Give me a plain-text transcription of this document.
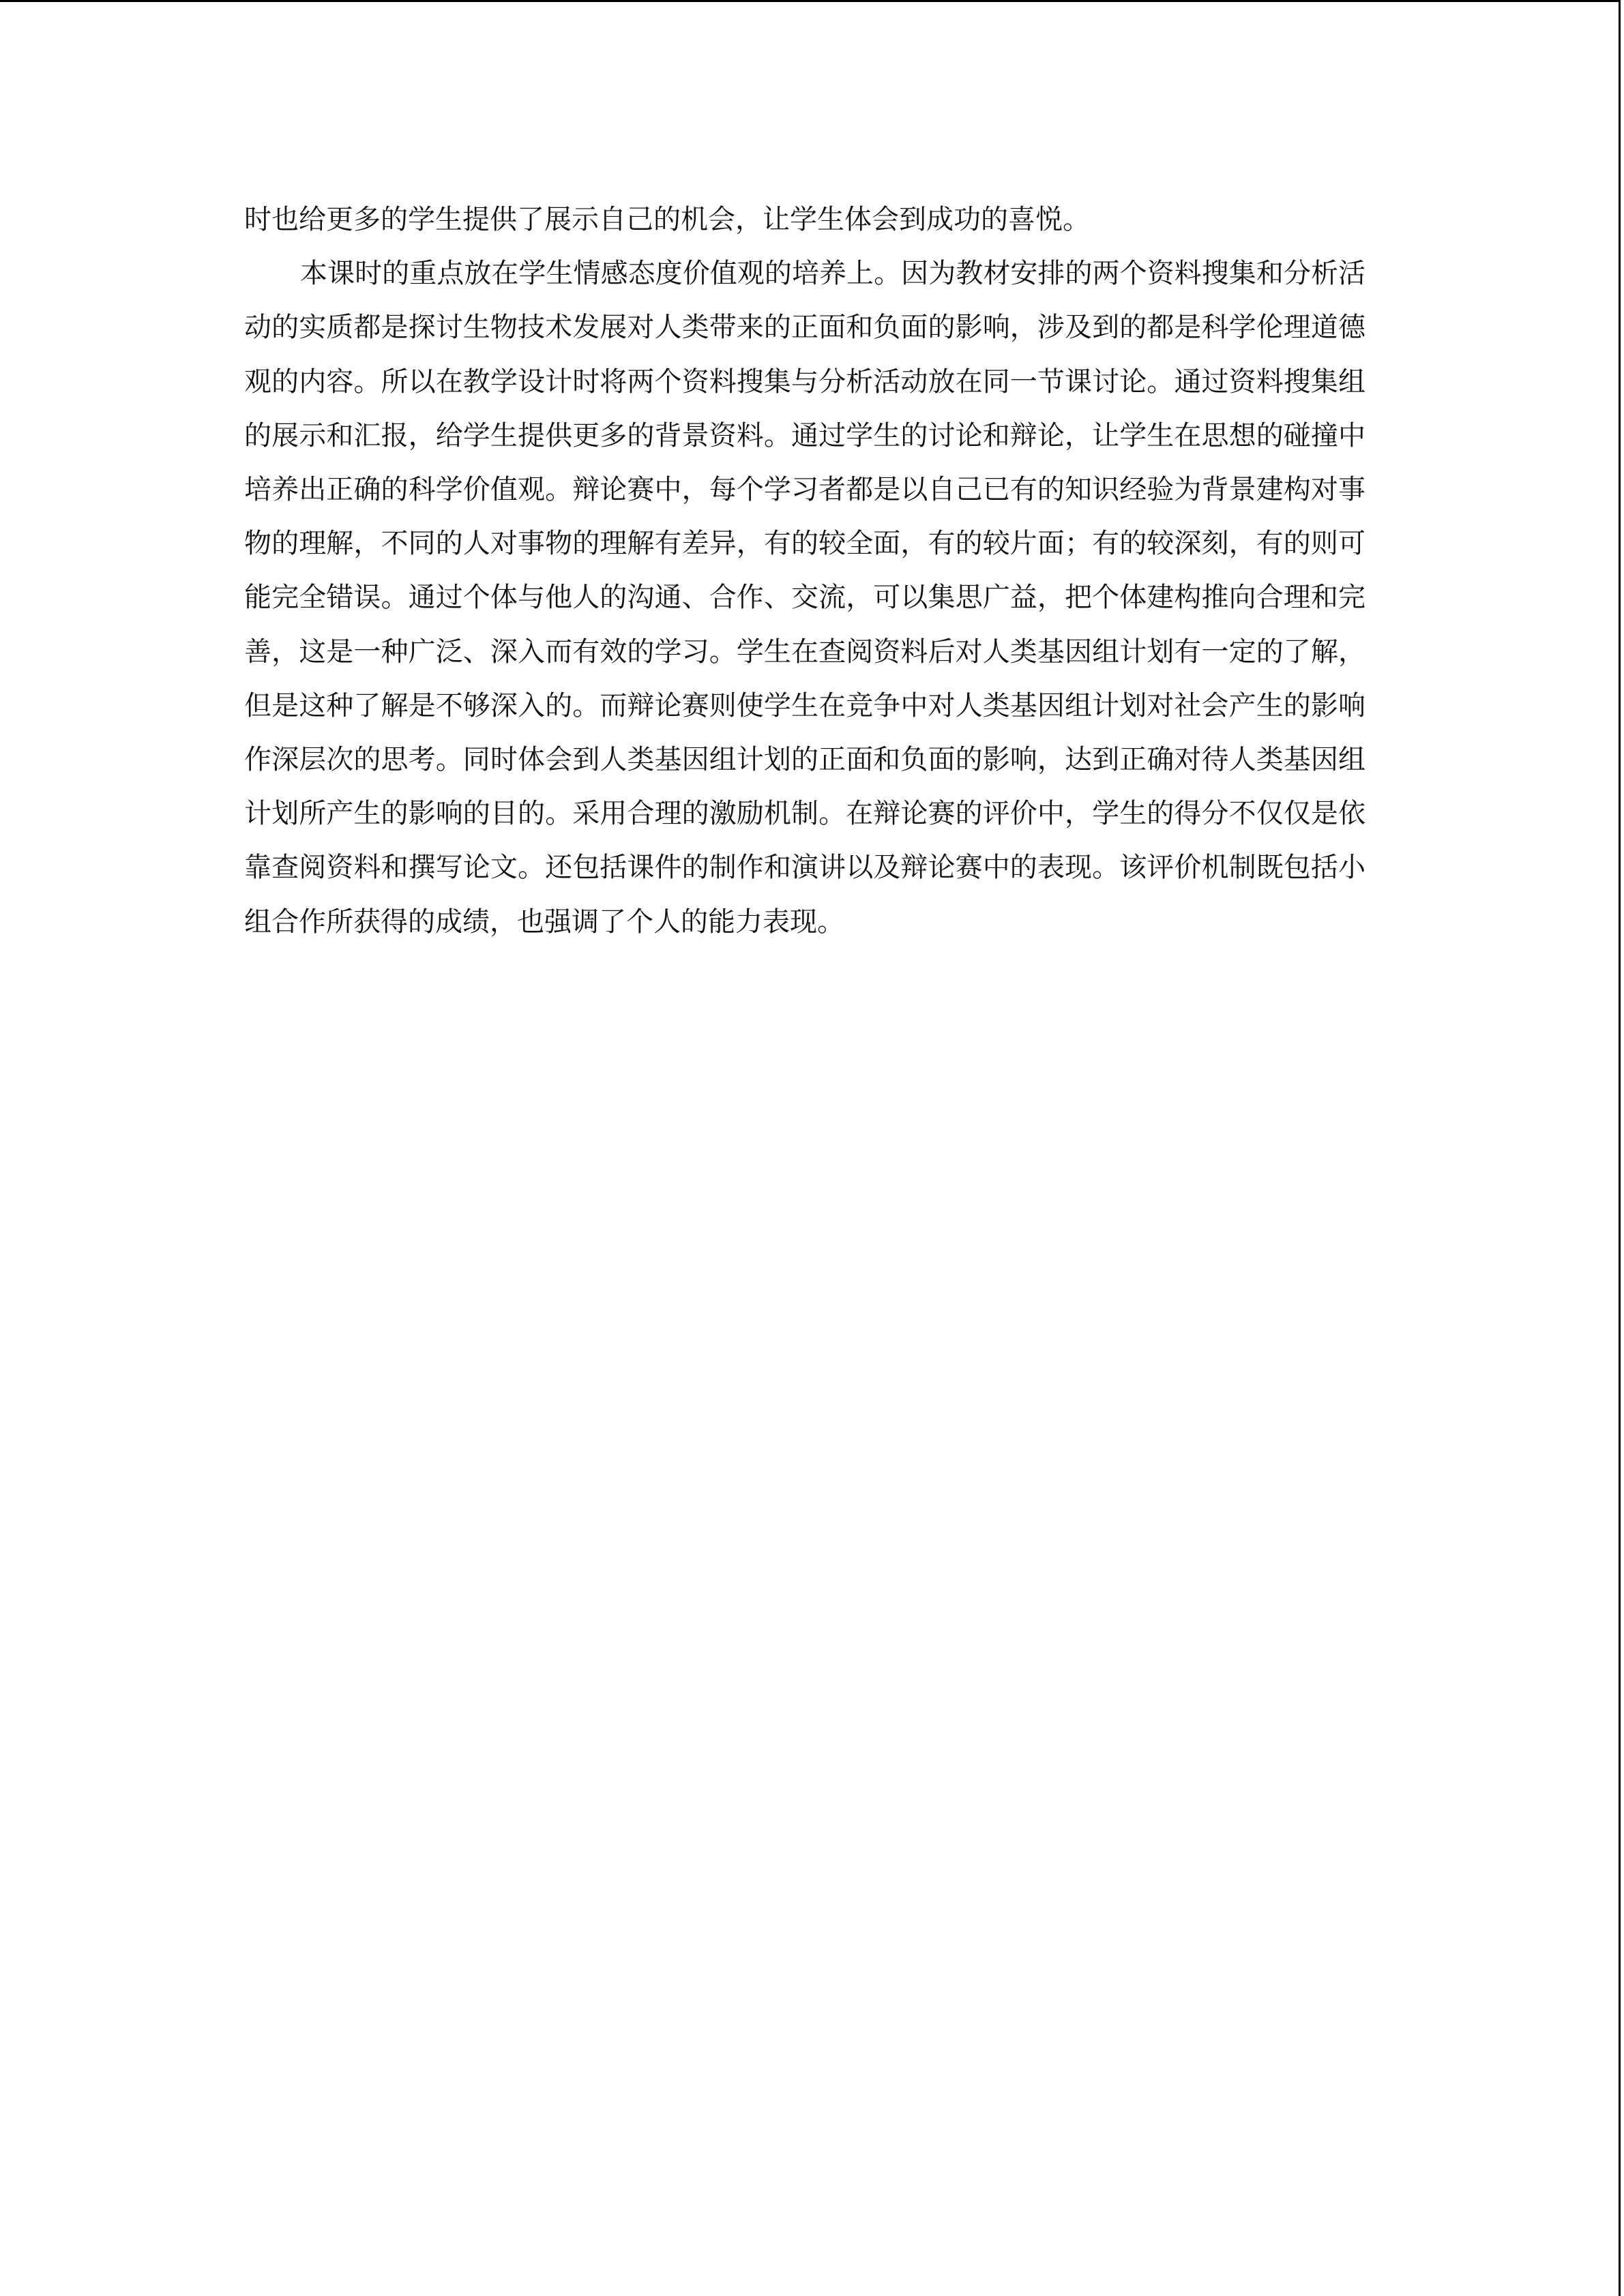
时也给更多的学生提供了展示自己的机会，让学生体会到成功的喜悦。

本课时的重点放在学生情感态度价值观的培养上。因为教材安排的两个资料搜集和分析活动的实质都是探讨生物技术发展对人类带来的正面和负面的影响，涉及到的都是科学伦理道德观的内容。所以在教学设计时将两个资料搜集与分析活动放在同一节课讨论。通过资料搜集组的展示和汇报，给学生提供更多的背景资料。通过学生的讨论和辩论，让学生在思想的碰撞中培养出正确的科学价值观。辩论赛中，每个学习者都是以自己已有的知识经验为背景建构对事物的理解，不同的人对事物的理解有差异，有的较全面，有的较片面；有的较深刻，有的则可能完全错误。通过个体与他人的沟通、合作、交流，可以集思广益，把个体建构推向合理和完善，这是一种广泛、深入而有效的学习。学生在查阅资料后对人类基因组计划有一定的了解，但是这种了解是不够深入的。而辩论赛则使学生在竞争中对人类基因组计划对社会产生的影响作深层次的思考。同时体会到人类基因组计划的正面和负面的影响，达到正确对待人类基因组计划所产生的影响的目的。采用合理的激励机制。在辩论赛的评价中，学生的得分不仅仅是依靠查阅资料和撰写论文。还包括课件的制作和演讲以及辩论赛中的表现。该评价机制既包括小组合作所获得的成绩，也强调了个人的能力表现。
